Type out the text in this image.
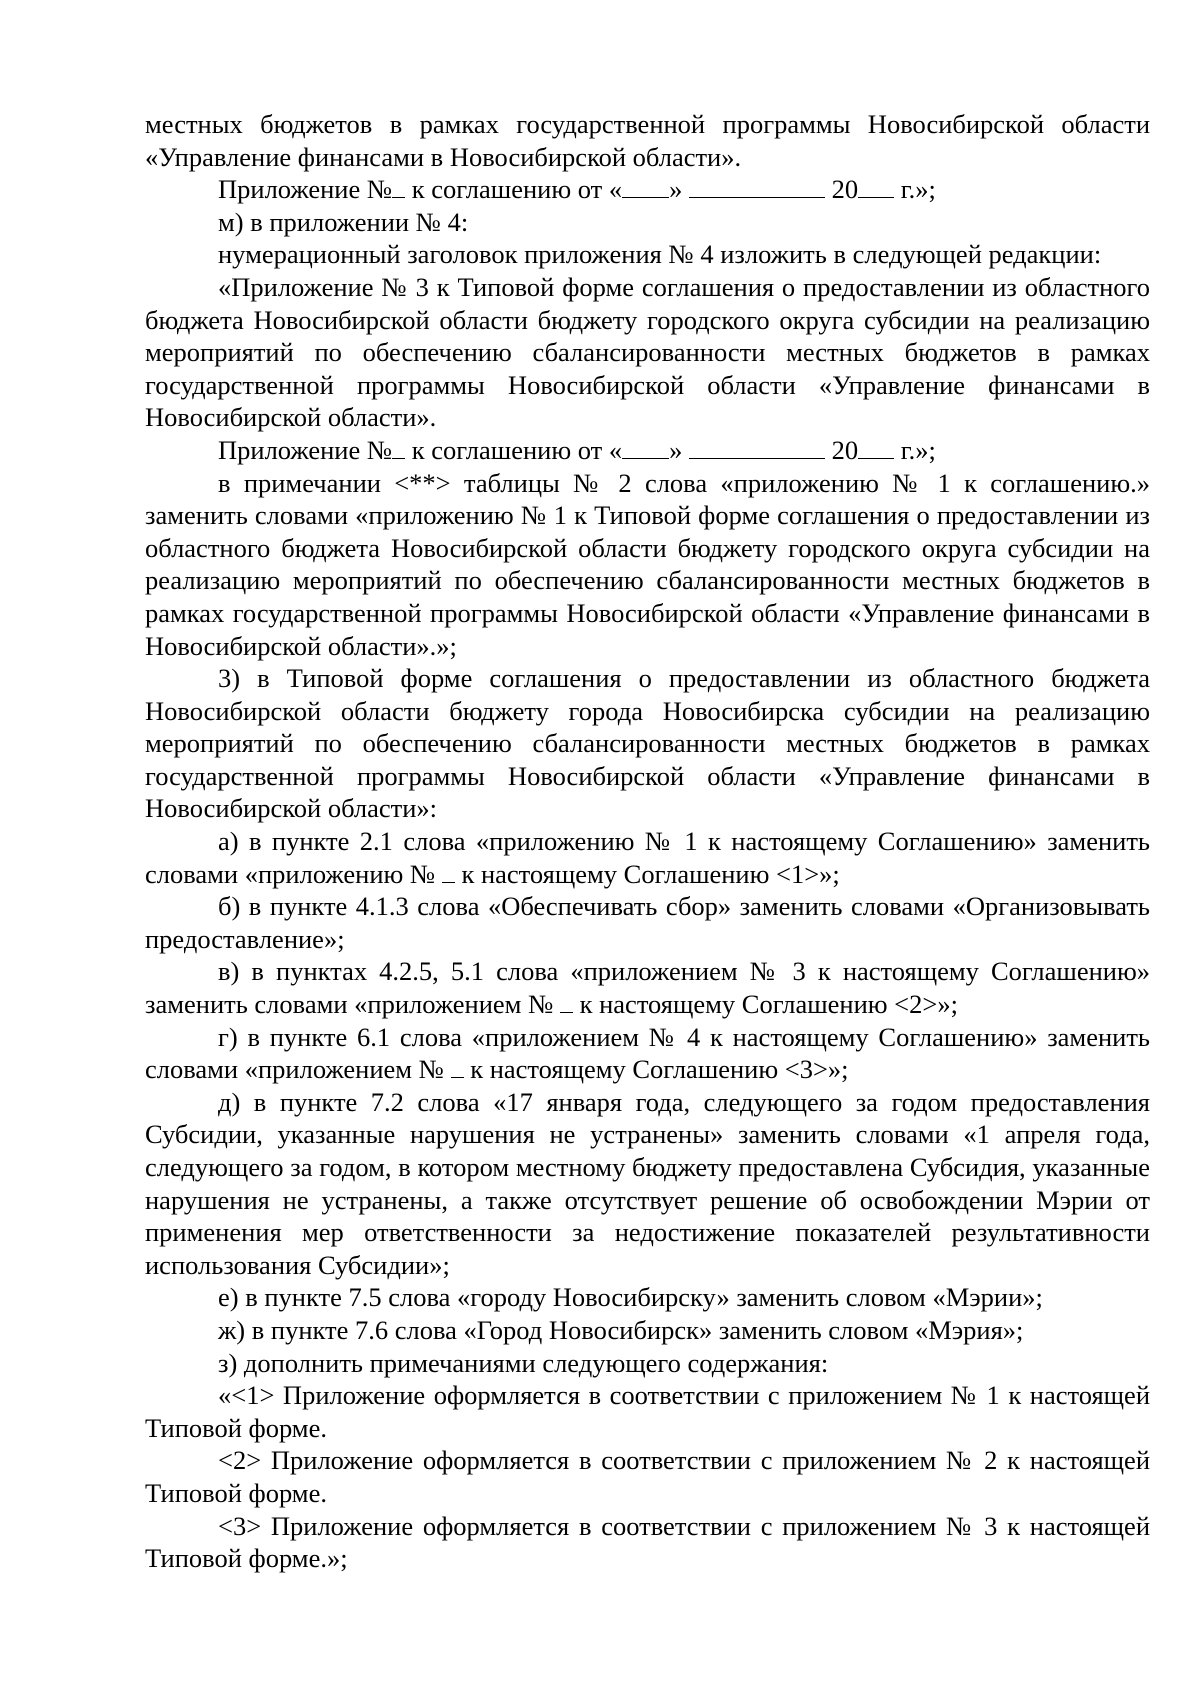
местных бюджетов в рамках государственной программы Новосибирской области «Управление финансами в Новосибирской области».

Приложение № к соглашению от « »	20 г.»;

м) в приложении № 4:

нумерационный заголовок приложения № 4 изложить в следующей редакции:

«Приложение № 3 к Типовой форме соглашения о предоставлении из областного бюджета Новосибирской области бюджету городского округа субсидии на реализацию мероприятий по обеспечению сбалансированности местных бюджетов в рамках государственной программы Новосибирской области «Управление финансами в Новосибирской области».

Приложение № к соглашению от « »	20 г.»;

в примечании <**> таблицы № 2 слова «приложению № 1 к соглашению.» заменить словами «приложению № 1 к Типовой форме соглашения о предоставлении из областного бюджета Новосибирской области бюджету городского округа субсидии на реализацию мероприятий по обеспечению сбалансированности местных бюджетов в рамках государственной программы Новосибирской области «Управление финансами в Новосибирской области».»;

3) в Типовой форме соглашения о предоставлении из областного бюджета Новосибирской области бюджету города Новосибирска субсидии на реализацию мероприятий по обеспечению сбалансированности местных бюджетов в рамках государственной программы Новосибирской области «Управление финансами в Новосибирской области»:

а) в пункте 2.1 слова «приложению № 1 к настоящему Соглашению» заменить словами «приложению №  к настоящему Соглашению <1>»;

б) в пункте 4.1.3 слова «Обеспечивать сбор» заменить словами «Организовывать предоставление»;

в) в пунктах 4.2.5, 5.1 слова «приложением № 3 к настоящему Соглашению» заменить словами «приложением №  к настоящему Соглашению <2>»;

г) в пункте 6.1 слова «приложением № 4 к настоящему Соглашению» заменить словами «приложением №  к настоящему Соглашению <3>»;

д) в пункте 7.2 слова «17 января года, следующего за годом предоставления Субсидии, указанные нарушения не устранены» заменить словами «1 апреля года, следующего за годом, в котором местному бюджету предоставлена Субсидия, указанные нарушения не устранены, а также отсутствует решение об освобождении Мэрии от применения мер ответственности за недостижение показателей результативности использования Субсидии»;

е) в пункте 7.5 слова «городу Новосибирску» заменить словом «Мэрии»;

ж) в пункте 7.6 слова «Город Новосибирск» заменить словом «Мэрия»;

з) дополнить примечаниями следующего содержания:

«<1> Приложение оформляется в соответствии с приложением № 1 к настоящей Типовой форме.

<2> Приложение оформляется в соответствии с приложением № 2 к настоящей Типовой форме.

<3> Приложение оформляется в соответствии с приложением № 3 к настоящей Типовой форме.»;
